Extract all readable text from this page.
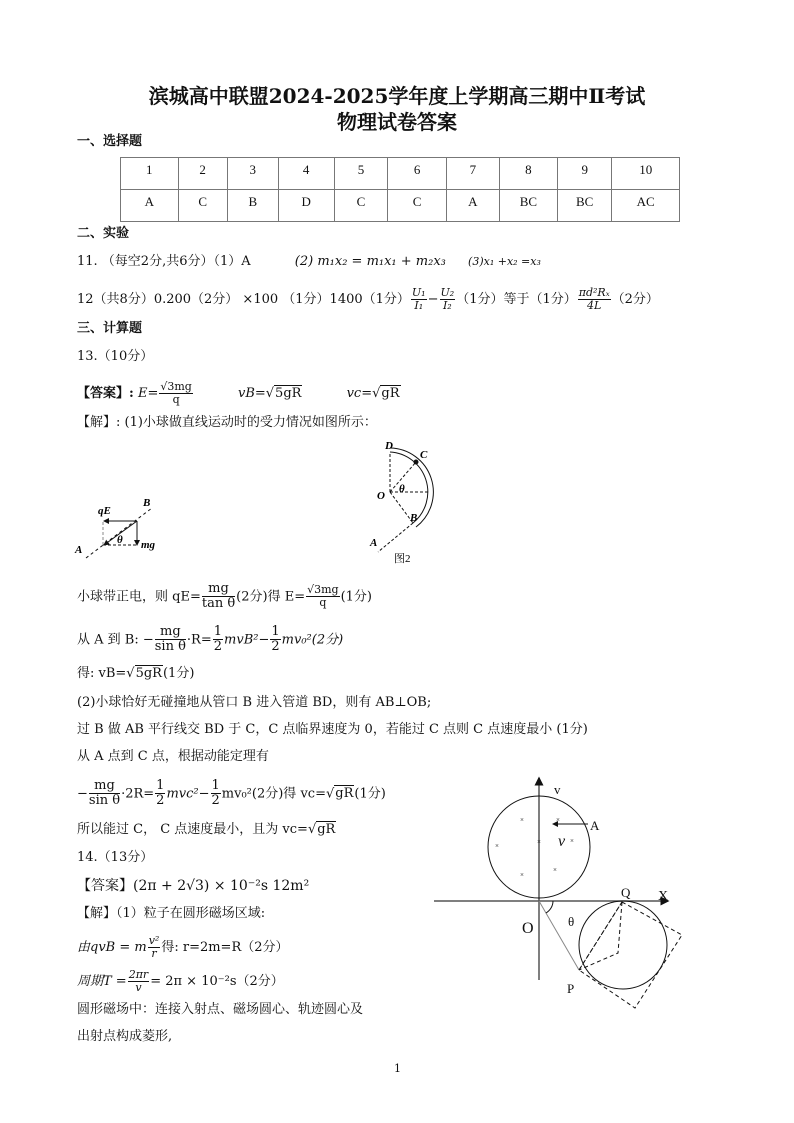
滨城高中联盟2024-2025学年度上学期高三期中Ⅱ考试
物理试卷答案
一、选择题
1	2	3	4	5	6	7	8	9	10
A	C	B	D	C	C	A	BC	BC	AC
二、实验
11. （每空2分,共6分）（1）A	(2) m₁x₂ = m₁x₁ + m₂x₃ (3)x₁ +x₂ =x₃
12（共8分）0.200（2分） ×100 （1分）1400（1分） $\frac{\text{U₁}}{\text{I₁}} - \frac{\text{U₂}}{\text{I₂}} (1$分）等于（1分） $\frac{\text{πd²Rₓ}}{4L} (2$分）
三、计算题
13.（10分）
【答案】: $E= \frac{√3mg}{q}$	vB=√5gR	vc=√gR
【解】: (1)小球做直线运动时的受力情况如图所示：
qE
B
θ mg
A
D
C
O
θ
B
A
图2
v
A
v
O	θ
Q X
P
×	×
×	×	×
×
×
小球带正电，则 $qE= \frac{mg}{\text{tan θ}} (2$分)得 $E= \frac{√3mg}{q} (1$分)
从 A 到 B: − $\frac{mg}{\text{sin θ}} \cdot R= \frac{1}{2} mvB^2- \frac{1}{2} mv_0^2(2$分)
得: vB=√5gR(1分)
(2)小球恰好无碰撞地从管口 B 进入管道 BD，则有 AB⊥OB;
过 B 做 AB 平行线交 BD 于 C，C 点临界速度为 0，若能过 C 点则 C 点速度最小 (1分)
从 A 点到 C 点，根据动能定理有
− $\frac{mg}{\text{sin θ}} \cdot 2R= \frac{1}{2} mvc^2- \frac{1}{2} mv_0^2(2$分)得 vc=√gR(1分)
所以能过 C， C 点速度最小，且为 vc=√gR
14.（13分）
【答案】(2π + 2√3) × 10⁻²s 12m²
【解】（1）粒子在圆形磁场区域:
由qvB = m $\frac{\text{v²}}{r}$ 得: r=2m=R（2分）
周期$T = \frac{2\pi r}{v} = 2\pi \times 10^{-2}s(2$分）
圆形磁场中：连接入射点、磁场圆心、轨迹圆心及
出射点构成菱形,
1
